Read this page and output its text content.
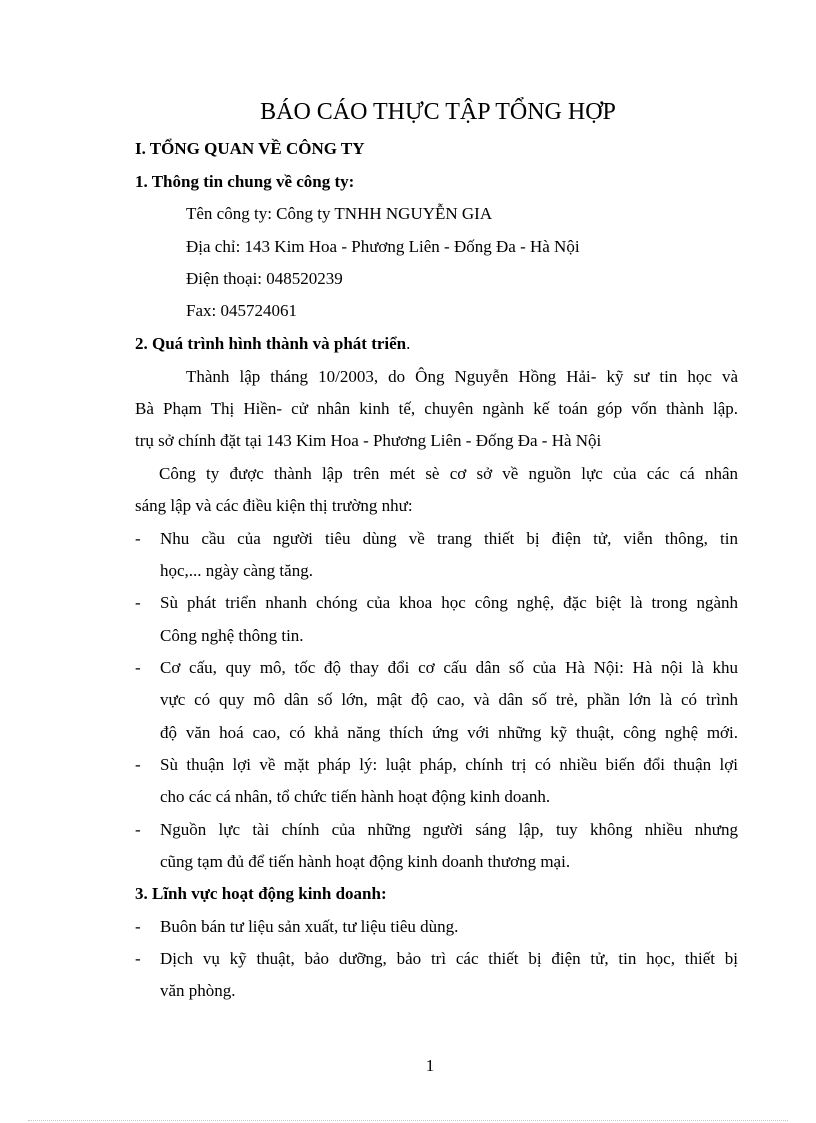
BÁO CÁO THỰC TẬP TỔNG HỢP
I. TỔNG QUAN VỀ CÔNG TY
1. Thông tin chung về công ty:
Tên công ty: Công ty TNHH NGUYỄN GIA
Địa chỉ: 143 Kim Hoa - Phương Liên - Đống Đa - Hà Nội
Điện thoại: 048520239
Fax: 045724061
2. Quá trình hình thành và phát triển.
Thành lập tháng 10/2003, do Ông Nguyễn Hồng Hải- kỹ sư tin học và
Bà Phạm Thị Hiền- cử nhân kinh tế, chuyên ngành kế toán góp vốn thành lập.
trụ sở chính đặt tại 143 Kim Hoa - Phương Liên - Đống Đa - Hà Nội
Công ty được thành lập trên mét sè cơ sở về nguồn lực của các cá nhân
sáng lập và các điều kiện thị trường như:
- Nhu cầu của người tiêu dùng về trang thiết bị điện tử, viễn thông, tin
học,... ngày càng tăng.
- Sù phát triển nhanh chóng của khoa học công nghệ, đặc biệt là trong ngành
Công nghệ thông tin.
- Cơ cấu, quy mô, tốc độ thay đổi cơ cấu dân số của Hà Nội: Hà nội là khu
vực có quy mô dân số lớn, mật độ cao, và dân số trẻ, phần lớn là có trình
độ văn hoá cao, có khả năng thích ứng với những kỹ thuật, công nghệ mới.
- Sù thuận lợi về mặt pháp lý: luật pháp, chính trị có nhiều biến đổi thuận lợi
cho các cá nhân, tổ chức tiến hành hoạt động kinh doanh.
- Nguồn lực tài chính của những người sáng lập, tuy không nhiều nhưng
cũng tạm đủ để tiến hành hoạt động kinh doanh thương mại.
3. Lĩnh vực hoạt động kinh doanh:
- Buôn bán tư liệu sản xuất, tư liệu tiêu dùng.
- Dịch vụ kỹ thuật, bảo dưỡng, bảo trì các thiết bị điện tử, tin học, thiết bị
văn phòng.
1
